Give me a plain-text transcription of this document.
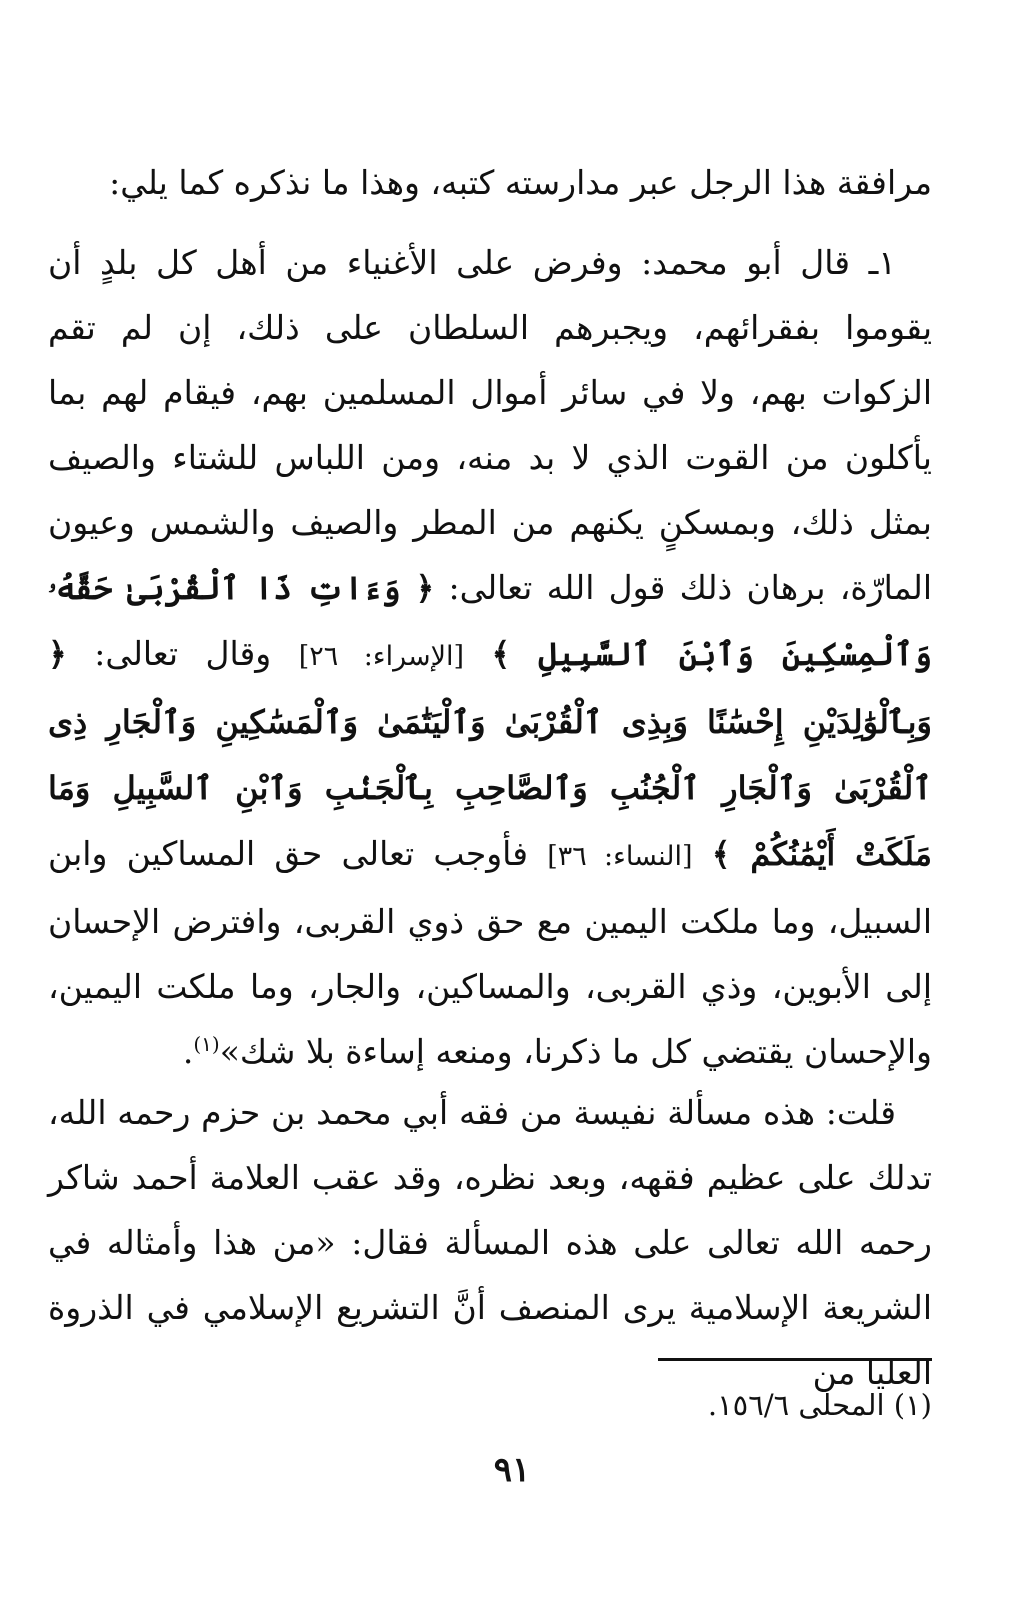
مرافقة هذا الرجل عبر مدارسته كتبه، وهذا ما نذكره كما يلي:

١ـ قال أبو محمد: وفرض على الأغنياء من أهل كل بلدٍ أن يقوموا بفقرائهم، ويجبرهم السلطان على ذلك، إن لم تقم الزكوات بهم، ولا في سائر أموال المسلمين بهم، فيقام لهم بما يأكلون من القوت الذي لا بد منه، ومن اللباس للشتاء والصيف بمثل ذلك، وبمسكنٍ يكنهم من المطر والصيف والشمس وعيون المارّة، برهان ذلك قول الله تعالى: ﴿ وَءَاتِ ذَا ٱلْقُرْبَىٰ حَقَّهُۥ وَٱلْمِسْكِينَ وَٱبْنَ ٱلسَّبِيلِ ﴾ [الإسراء: ٢٦] وقال تعالى: ﴿ وَبِٱلْوَٰلِدَيْنِ إِحْسَٰنًا وَبِذِى ٱلْقُرْبَىٰ وَٱلْيَتَٰمَىٰ وَٱلْمَسَٰكِينِ وَٱلْجَارِ ذِى ٱلْقُرْبَىٰ وَٱلْجَارِ ٱلْجُنُبِ وَٱلصَّاحِبِ بِٱلْجَنۢبِ وَٱبْنِ ٱلسَّبِيلِ وَمَا مَلَكَتْ أَيْمَٰنُكُمْ ﴾ [النساء: ٣٦] فأوجب تعالى حق المساكين وابن السبيل، وما ملكت اليمين مع حق ذوي القربى، وافترض الإحسان إلى الأبوين، وذي القربى، والمساكين، والجار، وما ملكت اليمين، والإحسان يقتضي كل ما ذكرنا، ومنعه إساءة بلا شك»$^{(١)}$.

قلت: هذه مسألة نفيسة من فقه أبي محمد بن حزم رحمه الله، تدلك على عظيم فقهه، وبعد نظره، وقد عقب العلامة أحمد شاكر رحمه الله تعالى على هذه المسألة فقال: «من هذا وأمثاله في الشريعة الإسلامية يرى المنصف أنَّ التشريع الإسلامي في الذروة العليا من

(١) المحلى ١٥٦/٦.
٩١
